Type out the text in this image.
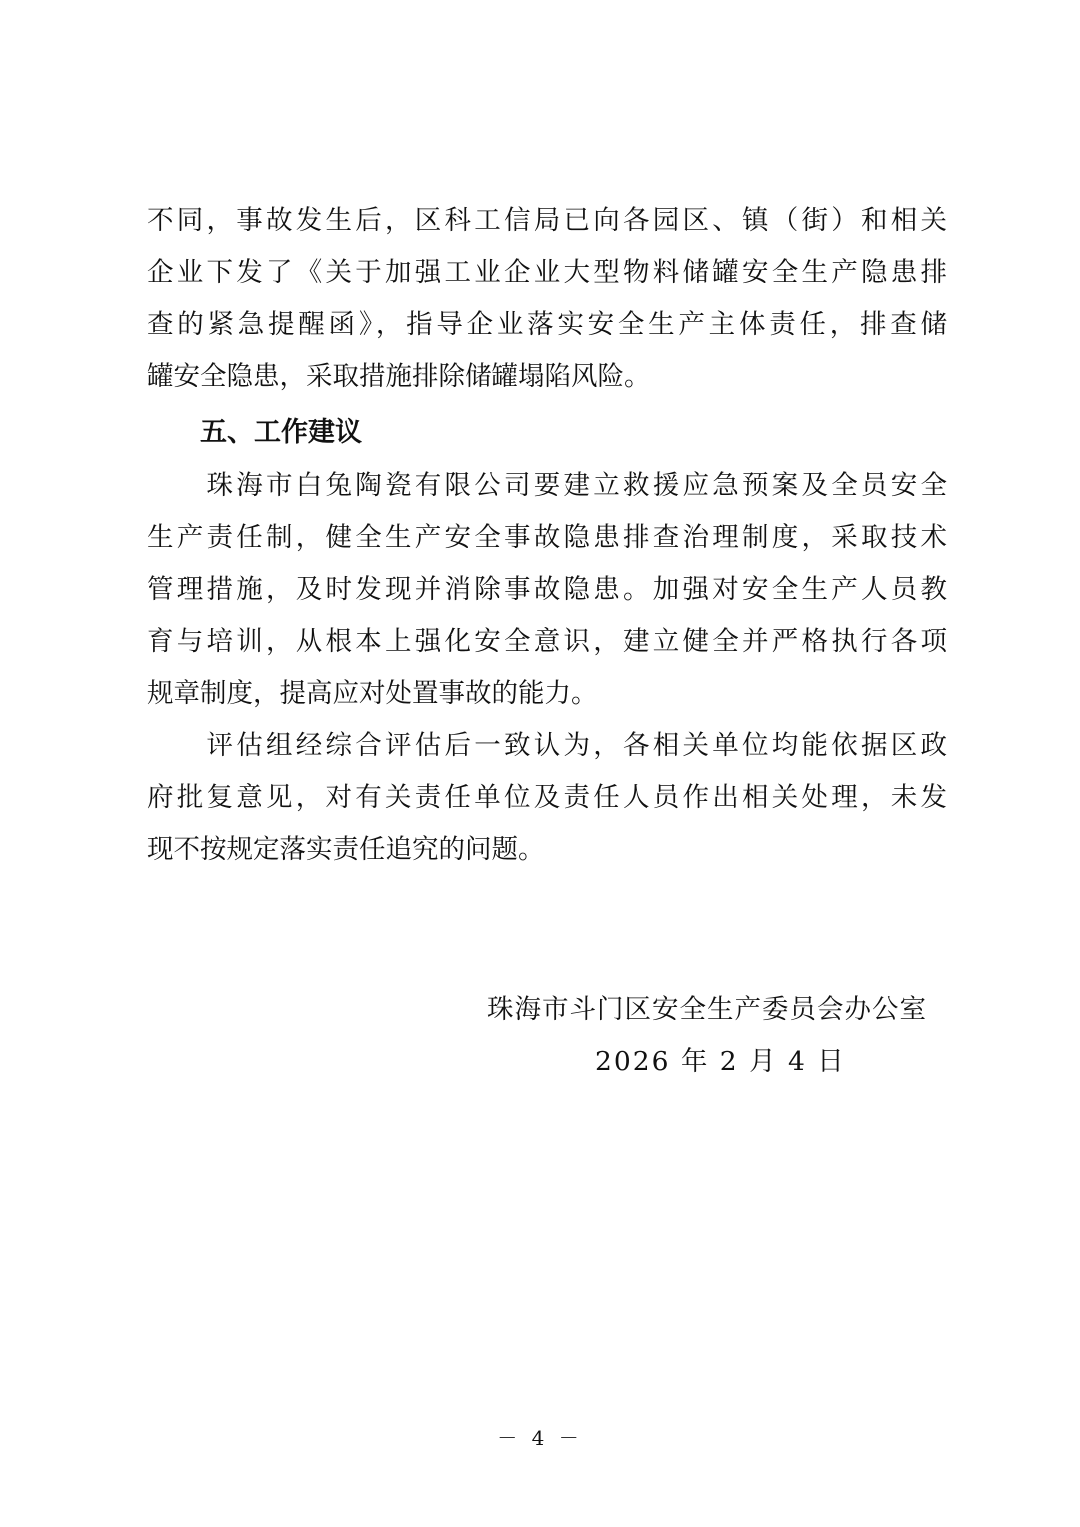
不同，事故发生后，区科工信局已向各园区、镇（街）和相关
企业下发了《关于加强工业企业大型物料储罐安全生产隐患排
查的紧急提醒函》，指导企业落实安全生产主体责任，排查储
罐安全隐患，采取措施排除储罐塌陷风险。
五、工作建议
　　珠海市白兔陶瓷有限公司要建立救援应急预案及全员安全
生产责任制，健全生产安全事故隐患排查治理制度，采取技术
管理措施，及时发现并消除事故隐患。加强对安全生产人员教
育与培训，从根本上强化安全意识，建立健全并严格执行各项
规章制度，提高应对处置事故的能力。
　　评估组经综合评估后一致认为，各相关单位均能依据区政
府批复意见，对有关责任单位及责任人员作出相关处理，未发
现不按规定落实责任追究的问题。
珠海市斗门区安全生产委员会办公室
2026 年 2 月 4 日
－ 4 －
